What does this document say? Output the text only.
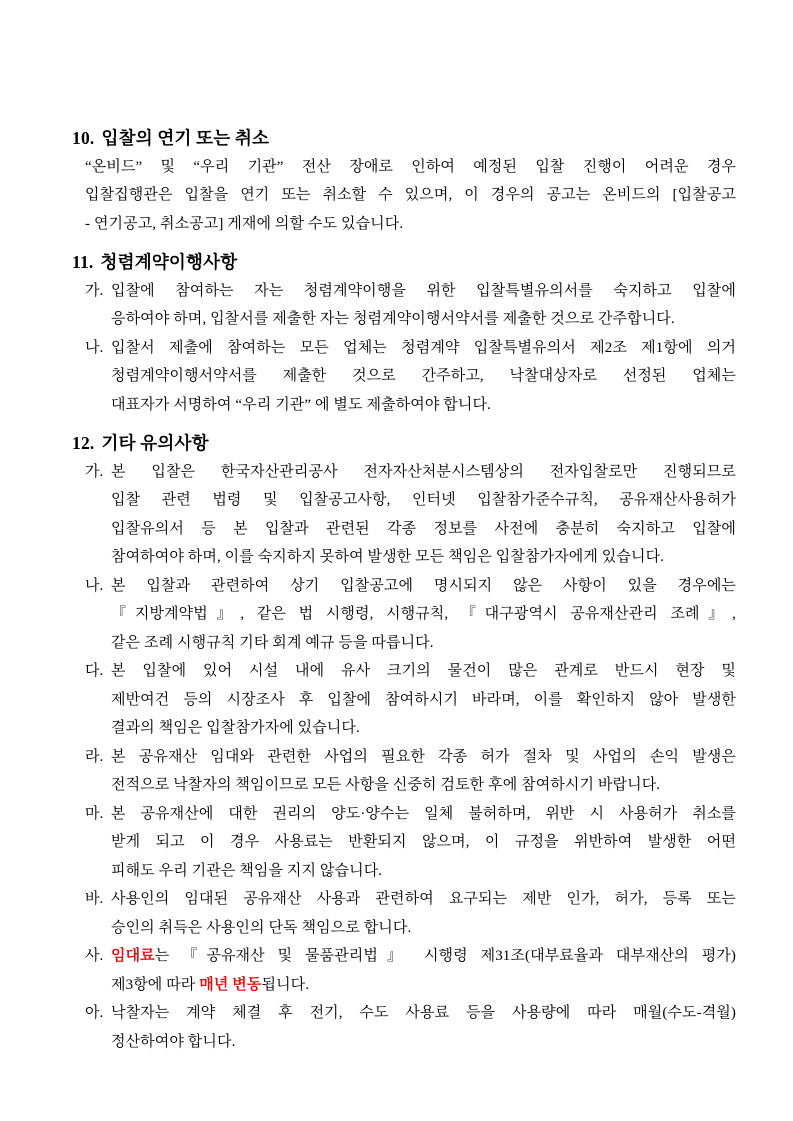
10. 입찰의 연기 또는 취소
“온비드” 및 “우리 기관” 전산 장애로 인하여 예정된 입찰 진행이 어려운 경우
입찰집행관은 입찰을 연기 또는 취소할 수 있으며, 이 경우의 공고는 온비드의 [입찰공고
- 연기공고, 취소공고] 게재에 의할 수도 있습니다.
11. 청렴계약이행사항
가. 입찰에 참여하는 자는 청렴계약이행을 위한 입찰특별유의서를 숙지하고 입찰에
응하여야 하며, 입찰서를 제출한 자는 청렴계약이행서약서를 제출한 것으로 간주합니다.
나. 입찰서 제출에 참여하는 모든 업체는 청렴계약 입찰특별유의서 제2조 제1항에 의거
청렴계약이행서약서를 제출한 것으로 간주하고, 낙찰대상자로 선정된 업체는
대표자가 서명하여 “우리 기관” 에 별도 제출하여야 합니다.
12. 기타 유의사항
가. 본 입찰은 한국자산관리공사 전자자산처분시스템상의 전자입찰로만 진행되므로
입찰 관련 법령 및 입찰공고사항, 인터넷 입찰참가준수규칙, 공유재산사용허가
입찰유의서 등 본 입찰과 관련된 각종 정보를 사전에 충분히 숙지하고 입찰에
참여하여야 하며, 이를 숙지하지 못하여 발생한 모든 책임은 입찰참가자에게 있습니다.
나. 본 입찰과 관련하여 상기 입찰공고에 명시되지 않은 사항이 있을 경우에는
『지방계약법』, 같은 법 시행령, 시행규칙, 『대구광역시 공유재산관리 조례』,
같은 조례 시행규칙 기타 회계 예규 등을 따릅니다.
다. 본 입찰에 있어 시설 내에 유사 크기의 물건이 많은 관계로 반드시 현장 및
제반여건 등의 시장조사 후 입찰에 참여하시기 바라며, 이를 확인하지 않아 발생한
결과의 책임은 입찰참가자에 있습니다.
라. 본 공유재산 임대와 관련한 사업의 필요한 각종 허가 절차 및 사업의 손익 발생은
전적으로 낙찰자의 책임이므로 모든 사항을 신중히 검토한 후에 참여하시기 바랍니다.
마. 본 공유재산에 대한 권리의 양도·양수는 일체 불허하며, 위반 시 사용허가 취소를
받게 되고 이 경우 사용료는 반환되지 않으며, 이 규정을 위반하여 발생한 어떤
피해도 우리 기관은 책임을 지지 않습니다.
바. 사용인의 임대된 공유재산 사용과 관련하여 요구되는 제반 인가, 허가, 등록 또는
승인의 취득은 사용인의 단독 책임으로 합니다.
사. 임대료는 『공유재산 및 물품관리법』 시행령 제31조(대부료율과 대부재산의 평가)
제3항에 따라 매년 변동됩니다.
아. 낙찰자는 계약 체결 후 전기, 수도 사용료 등을 사용량에 따라 매월(수도-격월)
정산하여야 합니다.
